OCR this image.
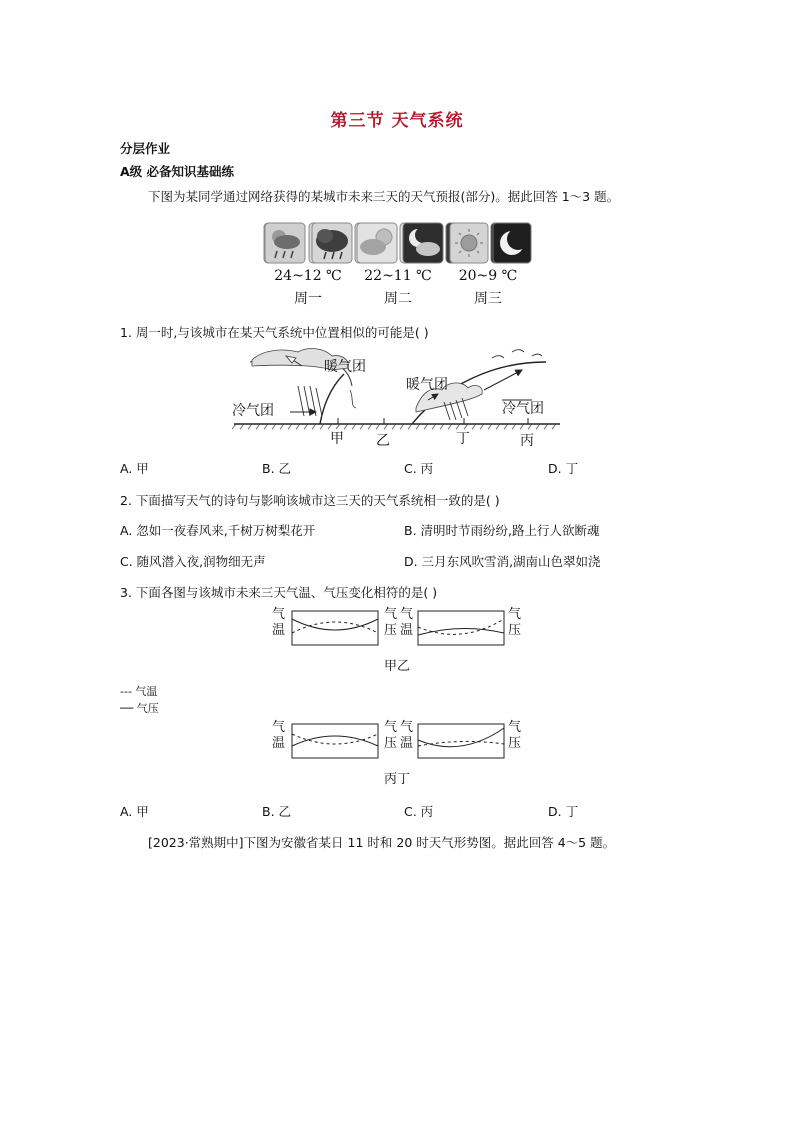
第三节 天气系统
分层作业
A级 必备知识基础练
下图为某同学通过网络获得的某城市未来三天的天气预报(部分)。据此回答 1～3 题。
24~12 ℃	22~11 ℃	20~9 ℃
周一	周二	周三
1. 周一时,与该城市在某天气系统中位置相似的可能是( )
暖气团
冷气团
暖气团
冷气团
甲 乙	丁	丙
A. 甲	B. 乙	C. 丙	D. 丁
2. 下面描写天气的诗句与影响该城市这三天的天气系统相一致的是( )
A. 忽如一夜春风来,千树万树梨花开	B. 清明时节雨纷纷,路上行人欲断魂
C. 随风潜入夜,润物细无声	D. 三月东风吹雪消,湖南山色翠如浇
3. 下面各图与该城市未来三天气温、气压变化相符的是( )
气温
气压
气温
气压
甲乙
--- 气温
── 气压
气温
气压
气温
气压
丙丁
A. 甲	B. 乙	C. 丙	D. 丁
[2023·常熟期中]下图为安徽省某日 11 时和 20 时天气形势图。据此回答 4～5 题。
